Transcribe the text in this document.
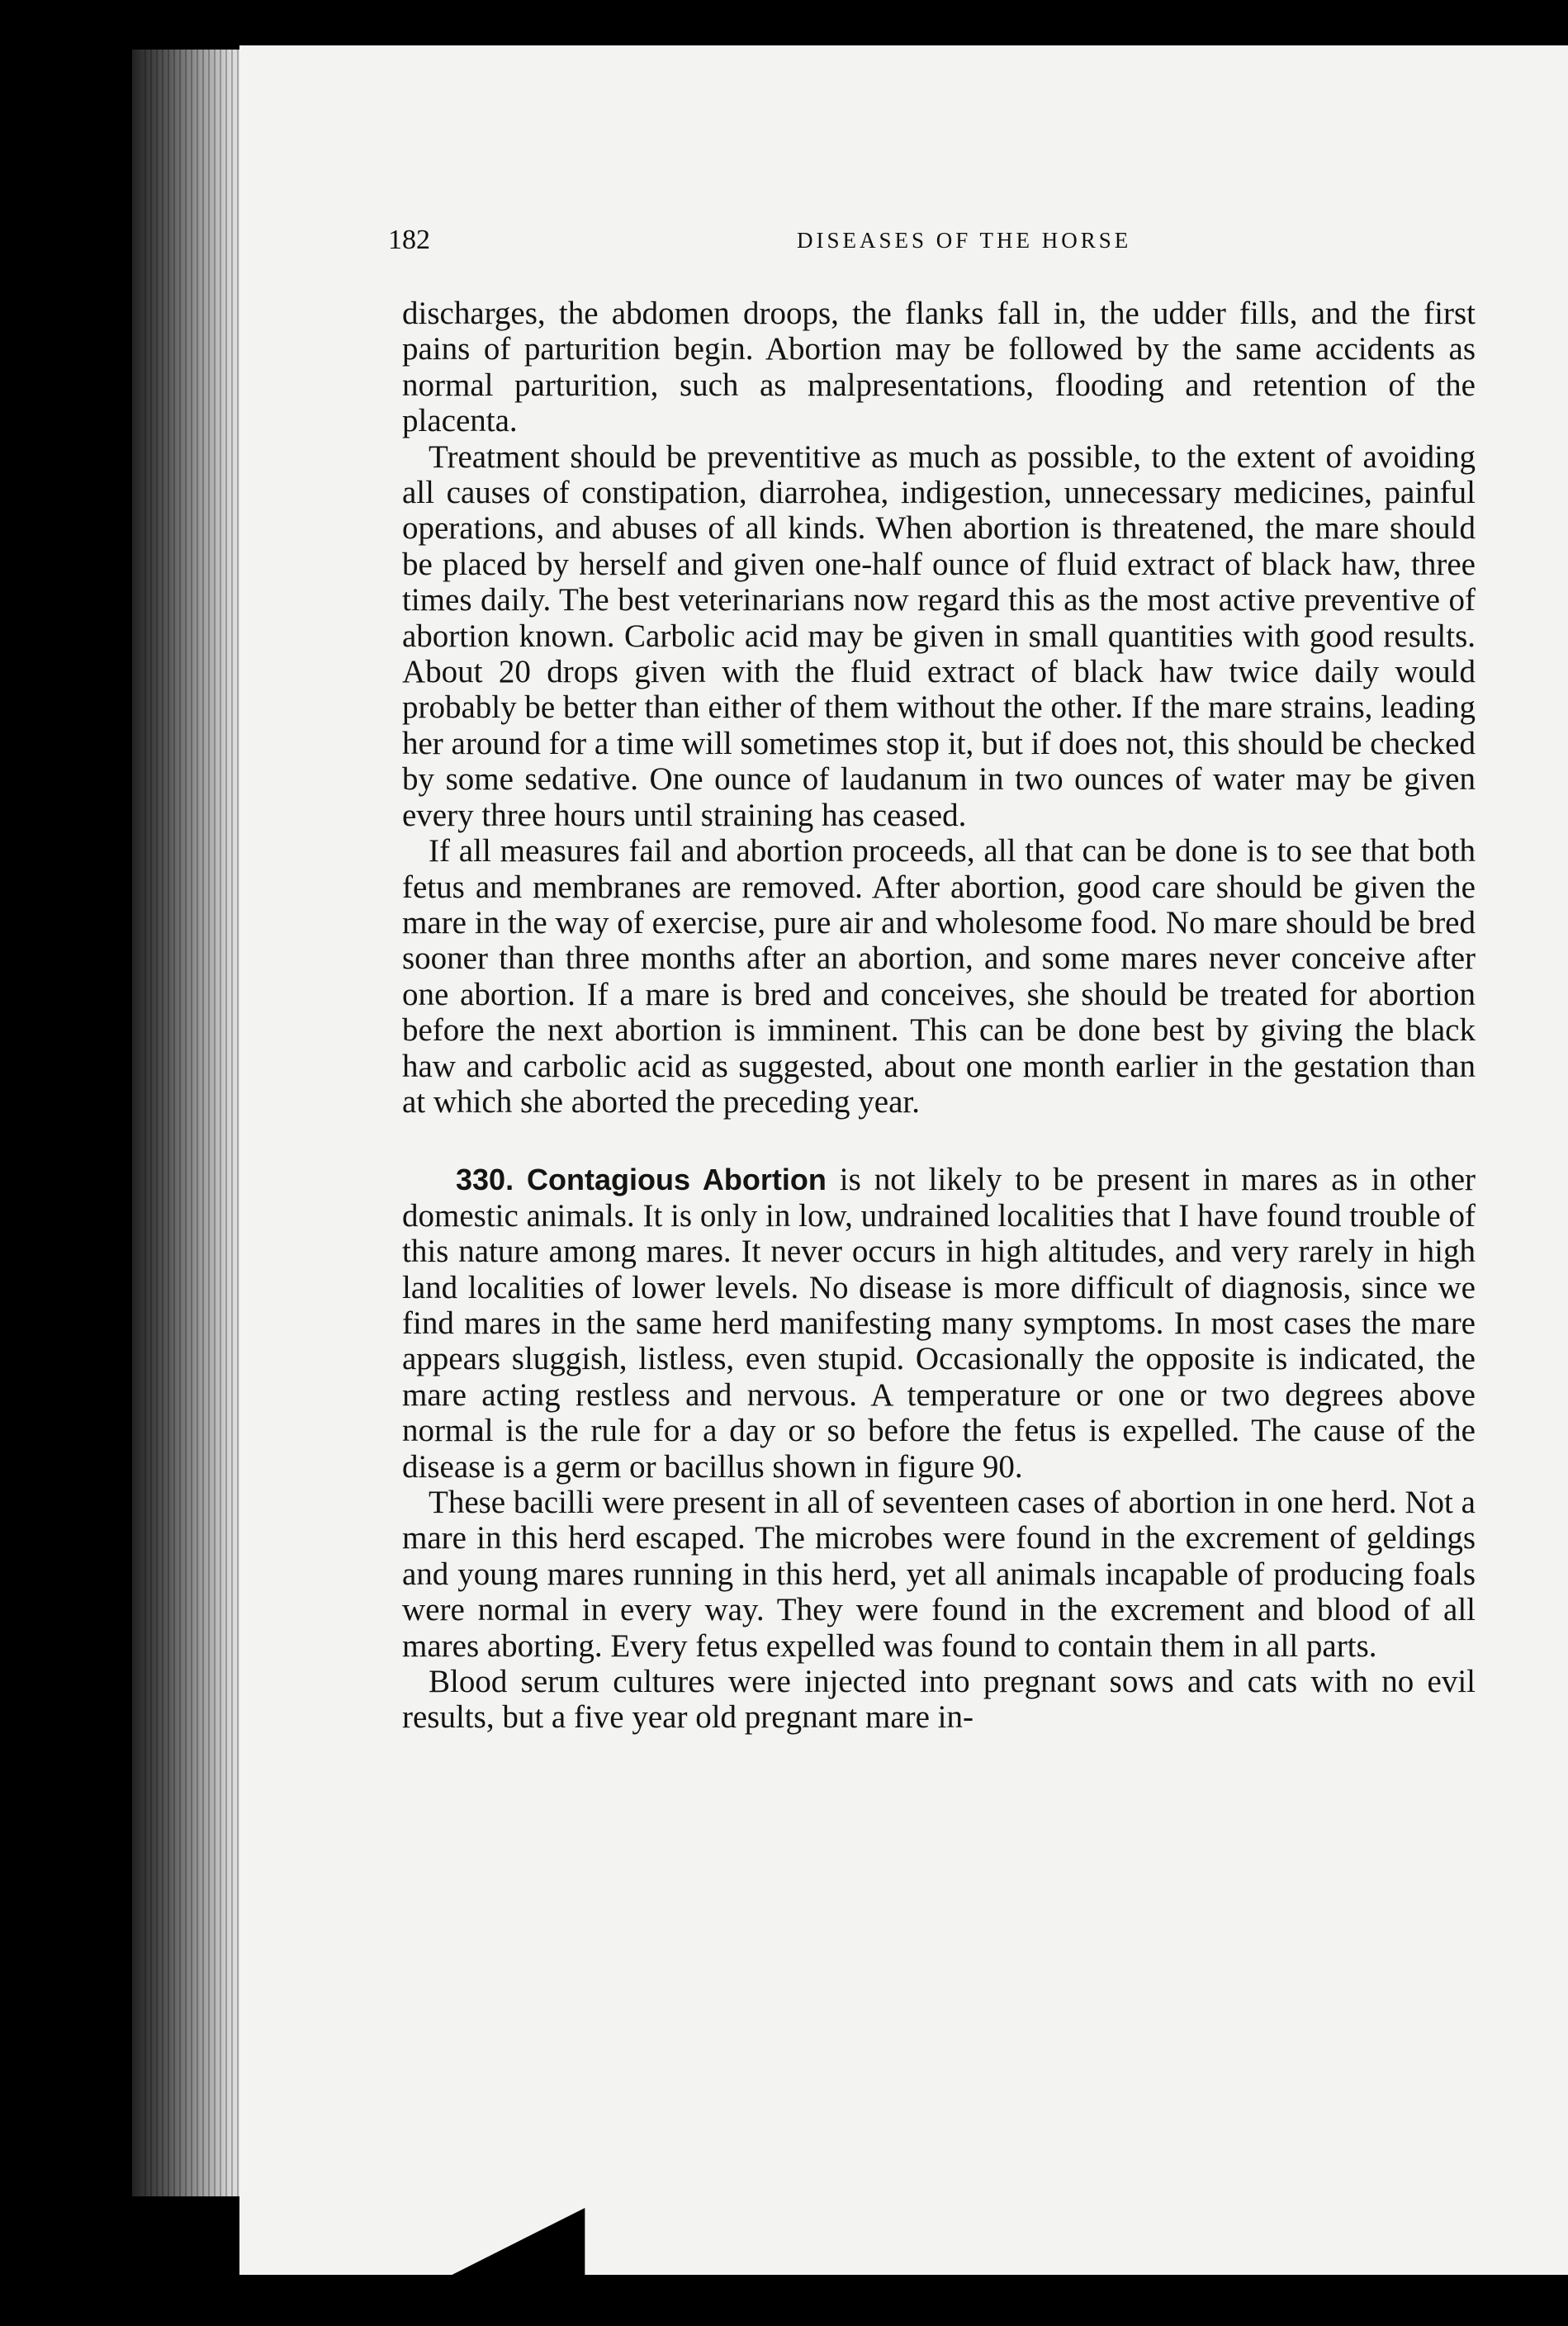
182	DISEASES OF THE HORSE

discharges, the abdomen droops, the flanks fall in, the udder fills, and the first pains of parturition begin. Abortion may be followed by the same accidents as normal parturition, such as malpresentations, flooding and retention of the placenta.

Treatment should be preventitive as much as possible, to the extent of avoiding all causes of constipation, diarrohea, indigestion, unnecessary medicines, painful operations, and abuses of all kinds. When abortion is threatened, the mare should be placed by herself and given one-half ounce of fluid extract of black haw, three times daily. The best veterinarians now regard this as the most active preventive of abortion known. Carbolic acid may be given in small quantities with good results. About 20 drops given with the fluid extract of black haw twice daily would probably be better than either of them without the other. If the mare strains, leading her around for a time will sometimes stop it, but if does not, this should be checked by some sedative. One ounce of laudanum in two ounces of water may be given every three hours until straining has ceased.

If all measures fail and abortion proceeds, all that can be done is to see that both fetus and membranes are removed. After abortion, good care should be given the mare in the way of exercise, pure air and wholesome food. No mare should be bred sooner than three months after an abortion, and some mares never conceive after one abortion. If a mare is bred and conceives, she should be treated for abortion before the next abortion is imminent. This can be done best by giving the black haw and carbolic acid as suggested, about one month earlier in the gestation than at which she aborted the preceding year.

330. Contagious Abortion is not likely to be present in mares as in other domestic animals. It is only in low, undrained localities that I have found trouble of this nature among mares. It never occurs in high altitudes, and very rarely in high land localities of lower levels. No disease is more difficult of diagnosis, since we find mares in the same herd manifesting many symptoms. In most cases the mare appears sluggish, listless, even stupid. Occasionally the opposite is indicated, the mare acting restless and nervous. A temperature or one or two degrees above normal is the rule for a day or so before the fetus is expelled. The cause of the disease is a germ or bacillus shown in figure 90.

These bacilli were present in all of seventeen cases of abortion in one herd. Not a mare in this herd escaped. The microbes were found in the excrement of geldings and young mares running in this herd, yet all animals incapable of producing foals were normal in every way. They were found in the excrement and blood of all mares aborting. Every fetus expelled was found to contain them in all parts.

Blood serum cultures were injected into pregnant sows and cats with no evil results, but a five year old pregnant mare in-
